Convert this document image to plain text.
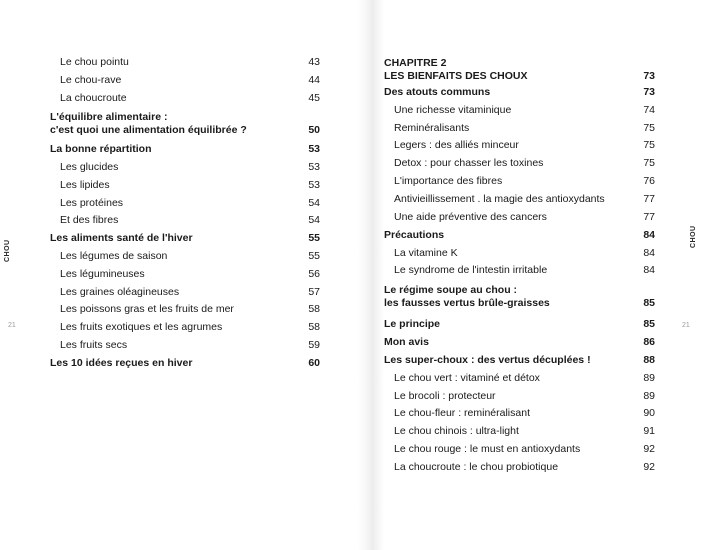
CHOU
21
CHOU
21
Le chou pointu	43
Le chou-rave	44
La choucroute	45
L'équilibre alimentaire :
c'est quoi une alimentation équilibrée ?	50
La bonne répartition	53
Les glucides	53
Les lipides	53
Les protéines	54
Et des fibres	54
Les aliments santé de l'hiver	55
Les légumes de saison	55
Les légumineuses	56
Les graines oléagineuses	57
Les poissons gras et les fruits de mer	58
Les fruits exotiques et les agrumes	58
Les fruits secs	59
Les 10 idées reçues en hiver	60
CHAPITRE 2
LES BIENFAITS DES CHOUX	73
Des atouts communs	73
Une richesse vitaminique	74
Reminéralisants	75
Legers : des alliés minceur	75
Detox : pour chasser les toxines	75
L'importance des fibres	76
Antivieillissement . la magie des antioxydants	77
Une aide préventive des cancers	77
Précautions	84
La vitamine K	84
Le syndrome de l'intestin irritable	84
Le régime soupe au chou :
les fausses vertus brûle-graisses	85
Le principe	85
Mon avis	86
Les super-choux : des vertus décuplées !	88
Le chou vert : vitaminé et détox	89
Le brocoli : protecteur	89
Le chou-fleur : reminéralisant	90
Le chou chinois : ultra-light	91
Le chou rouge : le must en antioxydants	92
La choucroute : le chou probiotique	92
